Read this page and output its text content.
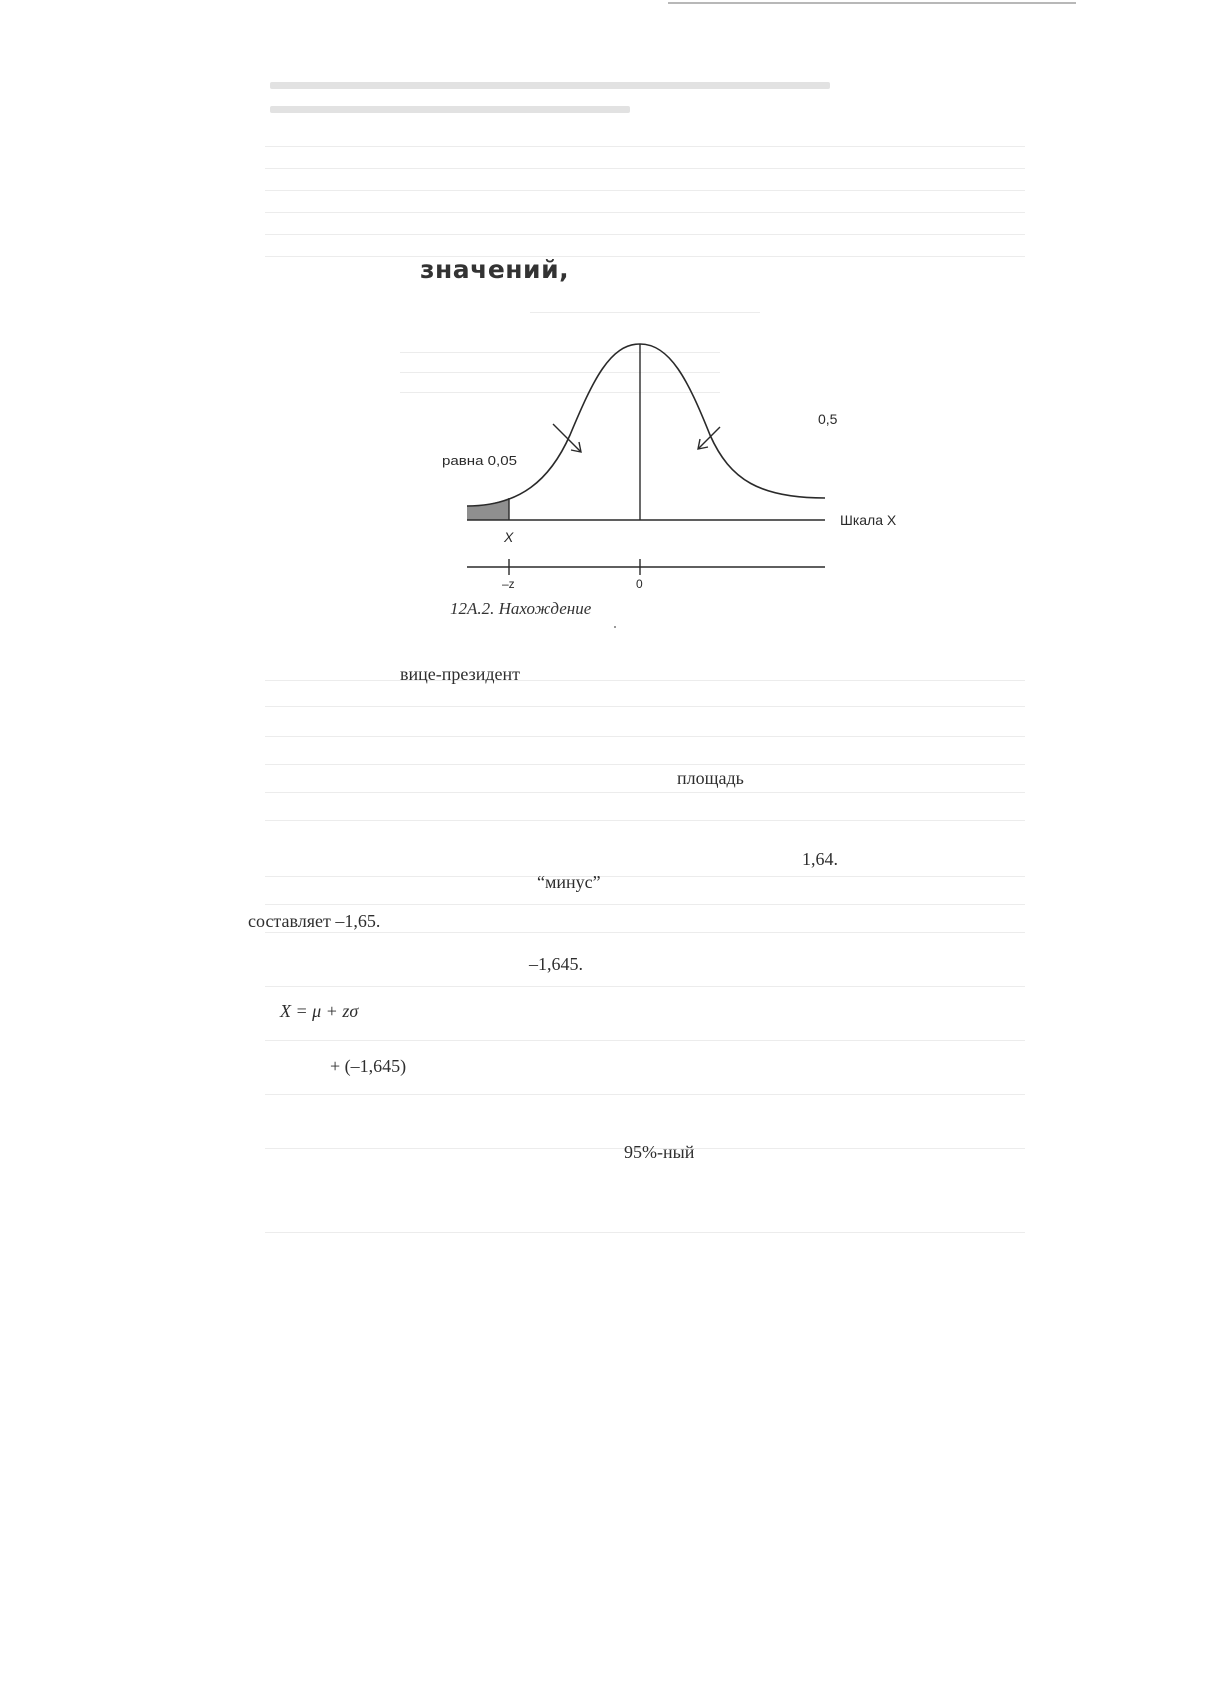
значений,
0,5
равна 0,05
Шкала X
X
–z	0
12А.2. Нахождение
вице-президент
площадь
1,64.
“минус”
составляет –1,65.
–1,645.
X = μ + zσ
+ (–1,645)
95%-ный
